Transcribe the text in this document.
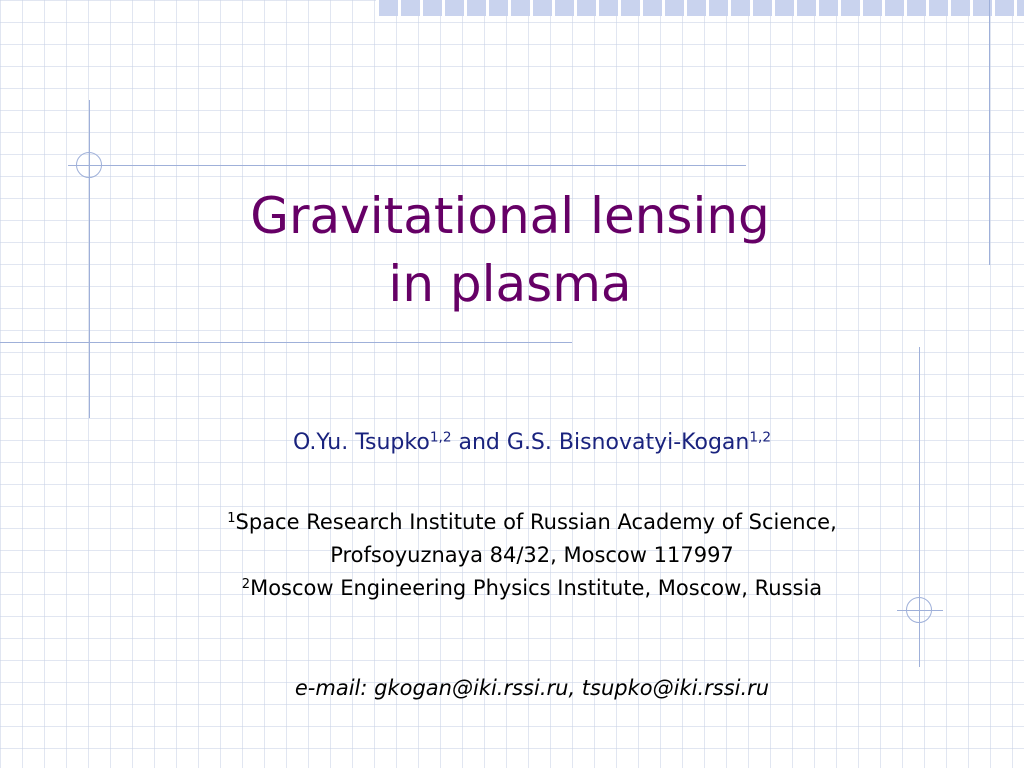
Gravitational lensing
in plasma
O.Yu. Tsupko$^{1,2}$ and G.S. Bisnovatyi-Kogan$^{1,2}$
$^1$Space Research Institute of Russian Academy of Science,
Profsoyuznaya 84/32, Moscow 117997
$^2$Moscow Engineering Physics Institute, Moscow, Russia
e-mail: gkogan@iki.rssi.ru, tsupko@iki.rssi.ru
